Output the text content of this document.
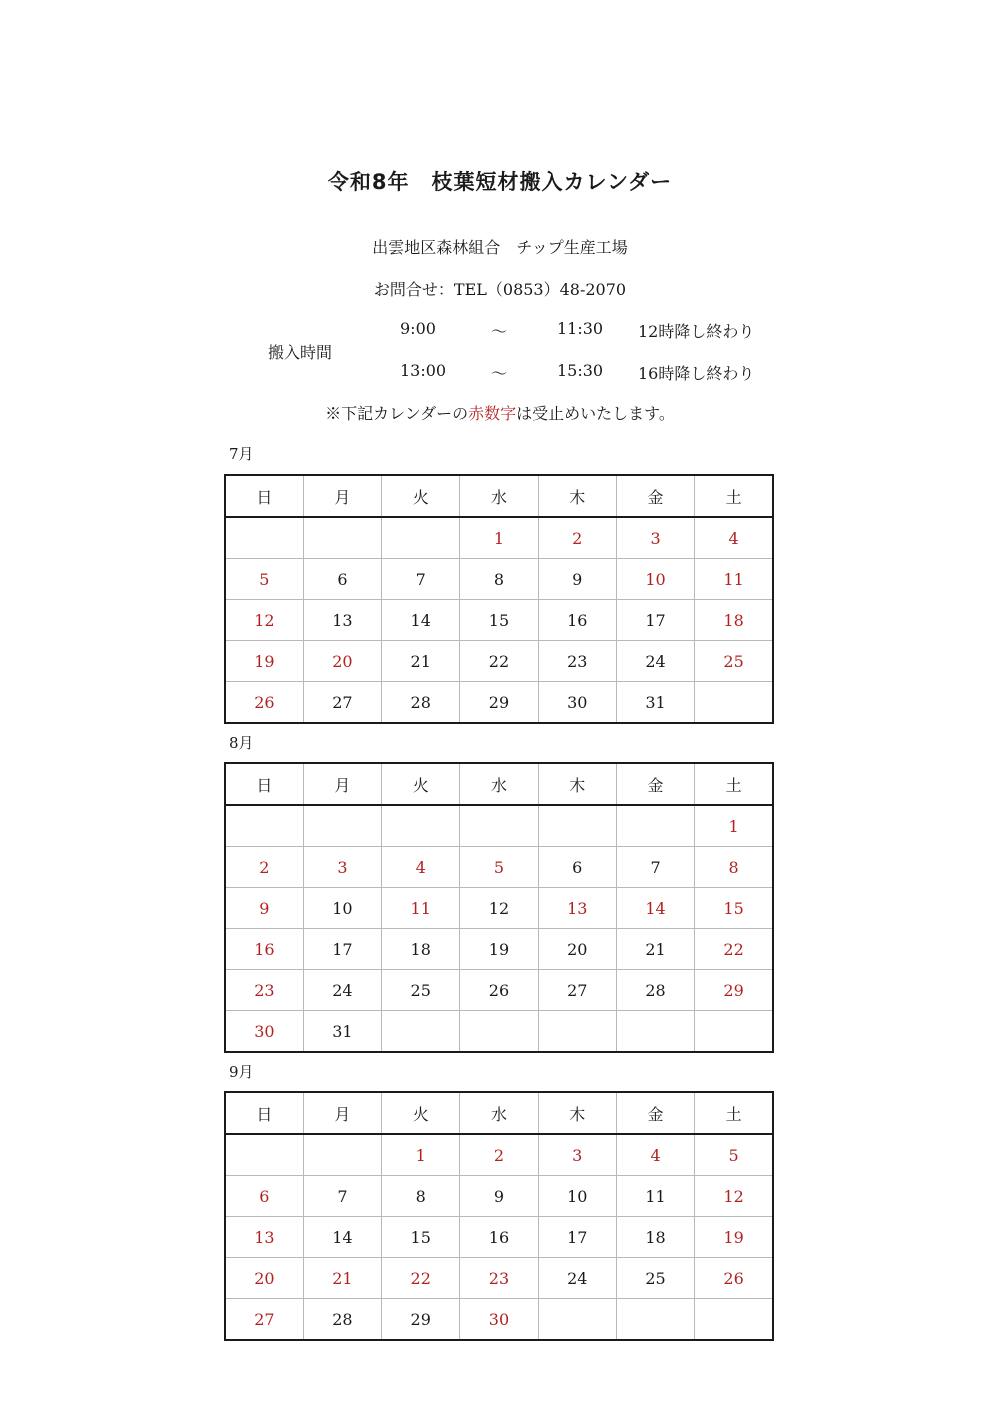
令和8年　枝葉短材搬入カレンダー
出雲地区森林組合　チップ生産工場
お問合せ：TEL（0853）48-2070
搬入時間
9:00	～	11:30 12時降し終わり
13:00	～	15:30 16時降し終わり
※下記カレンダーの赤数字は受止めいたします。
7月
日	月	火	水	木	金	土
			1	2	3	4
5	6	7	8	9	10	11
12	13	14	15	16	17	18
19	20	21	22	23	24	25
26	27	28	29	30	31	
8月
日	月	火	水	木	金	土
						1
2	3	4	5	6	7	8
9	10	11	12	13	14	15
16	17	18	19	20	21	22
23	24	25	26	27	28	29
30	31					
9月
日	月	火	水	木	金	土
		1	2	3	4	5
6	7	8	9	10	11	12
13	14	15	16	17	18	19
20	21	22	23	24	25	26
27	28	29	30			
